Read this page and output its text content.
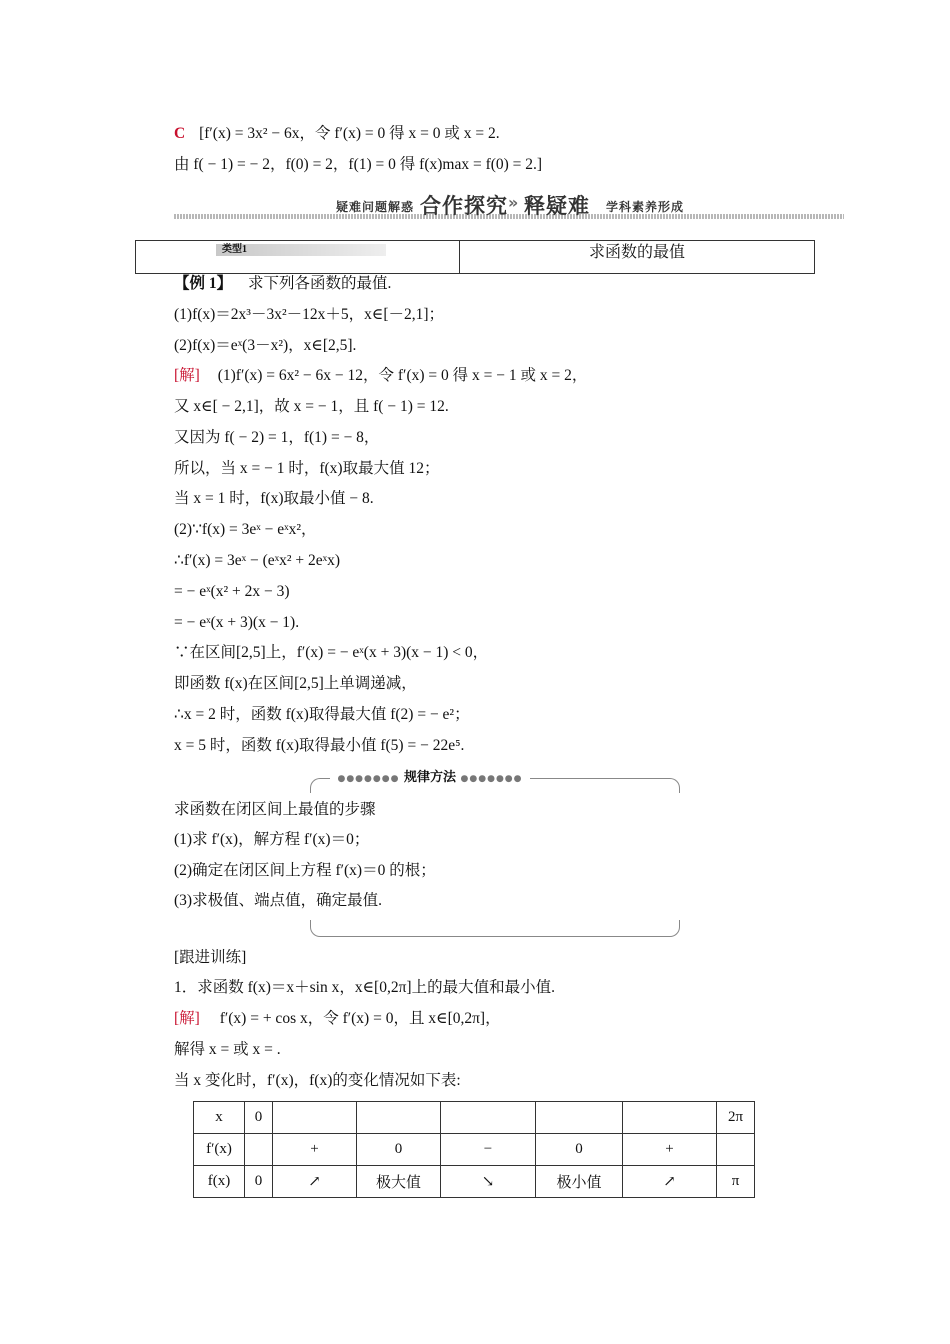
C [f′(x) = 3x² − 6x，令 f′(x) = 0 得 x = 0 或 x = 2.
由 f( − 1) = − 2，f(0) = 2，f(1) = 0 得 f(x)max = f(0) = 2.]
疑难问题解惑 合作探究 » 释疑难 学科素养形成
类型1	求函数的最值
【例 1】 求下列各函数的最值.
(1)f(x)＝2x³－3x²－12x＋5，x∈[－2,1]；
(2)f(x)＝eˣ(3－x²)，x∈[2,5].
[解] (1)f′(x) = 6x² − 6x − 12，令 f′(x) = 0 得 x = − 1 或 x = 2，
又 x∈[ − 2,1]，故 x = − 1，且 f( − 1) = 12.
又因为 f( − 2) = 1，f(1) = − 8，
所以，当 x = − 1 时，f(x)取最大值 12；
当 x = 1 时，f(x)取最小值 − 8.
(2)∵f(x) = 3eˣ − eˣx²，
∴f′(x) = 3eˣ − (eˣx² + 2eˣx)
= − eˣ(x² + 2x − 3)
= − eˣ(x + 3)(x − 1).
∵在区间[2,5]上，f′(x) = − eˣ(x + 3)(x − 1) < 0，
即函数 f(x)在区间[2,5]上单调递减，
∴x = 2 时，函数 f(x)取得最大值 f(2) = − e²；
x = 5 时，函数 f(x)取得最小值 f(5) = − 22e⁵.
●●●●●●● 规律方法 ●●●●●●●
求函数在闭区间上最值的步骤
(1)求 f′(x)，解方程 f′(x)＝0；
(2)确定在闭区间上方程 f′(x)＝0 的根；
(3)求极值、端点值，确定最值.
[跟进训练]
1．求函数 f(x)＝x＋sin x，x∈[0,2π]上的最大值和最小值.
[解] f′(x) = + cos x，令 f′(x) = 0，且 x∈[0,2π]，
解得 x = 或 x = .
当 x 变化时，f′(x)，f(x)的变化情况如下表:
x	0						2π
f′(x)		+	0	−	0	+	
f(x)	0	↗	极大值	↘	极小值	↗	π
